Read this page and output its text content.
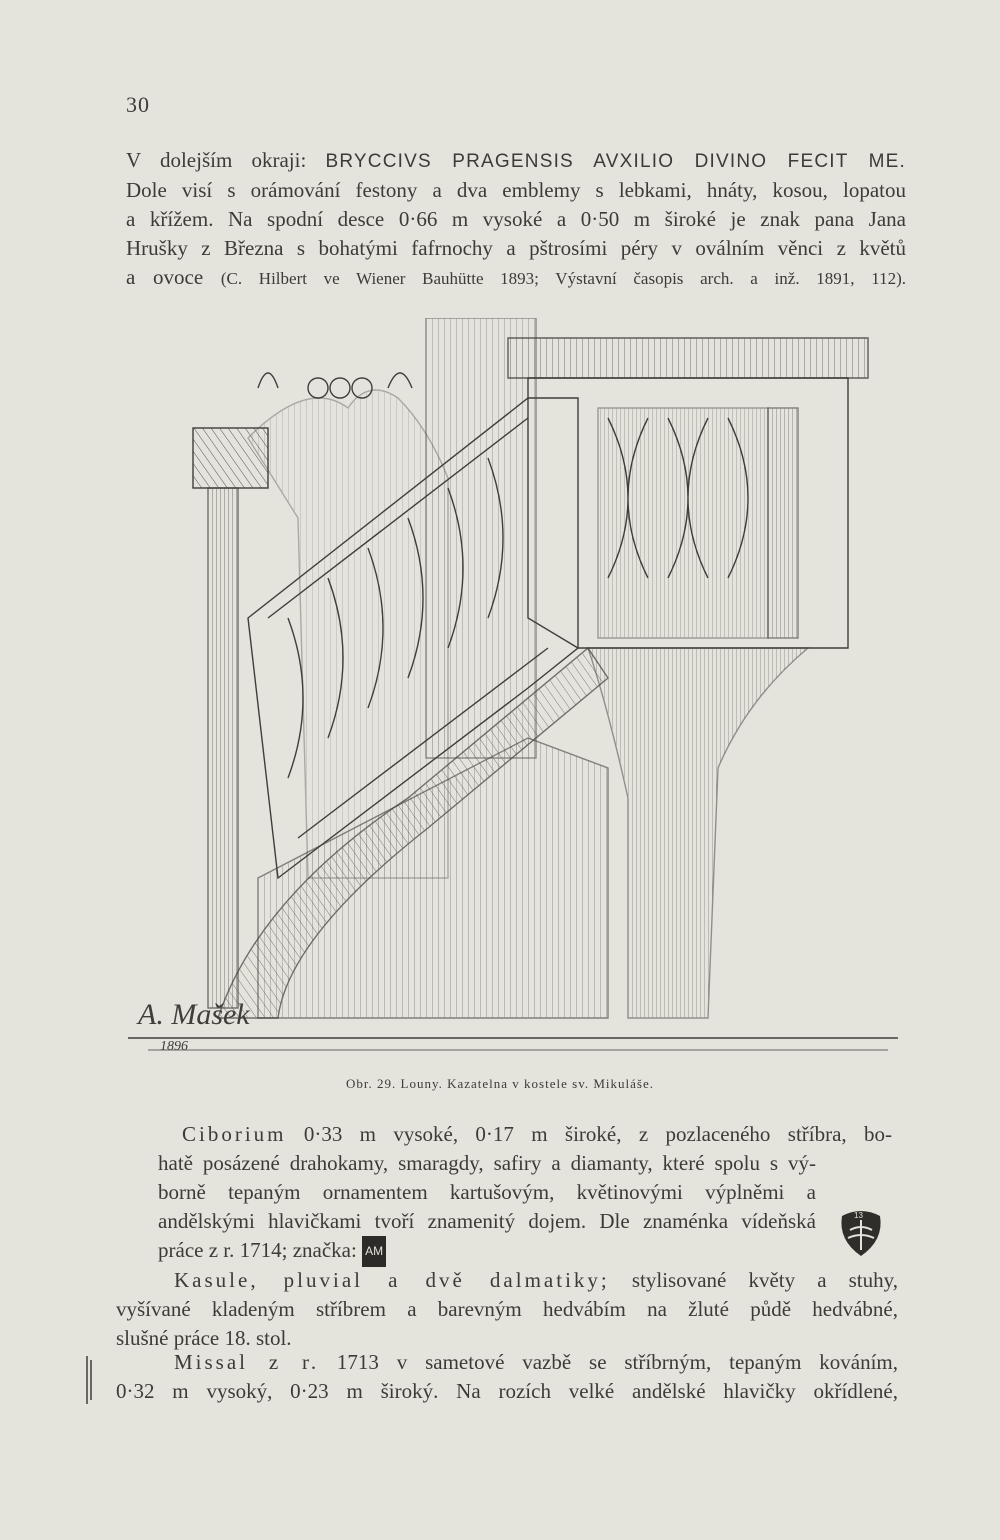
30
V dolejším okraji: BRYCCIVS PRAGENSIS AVXILIO DIVINO FECIT ME.
Dole visí s orámování festony a dva emblemy s lebkami, hnáty, kosou, lopatou
a křížem. Na spodní desce 0·66 m vysoké a 0·50 m široké je znak pana Jana
Hrušky z Března s bohatými fafrnochy a pštrosími péry v oválním věnci z květů
a ovoce (C. Hilbert ve Wiener Bauhütte 1893; Výstavní časopis arch. a inž. 1891, 112).
A. Mašek
1896
Obr. 29. Louny. Kazatelna v kostele sv. Mikuláše.
Ciborium 0·33 m vysoké, 0·17 m široké, z pozlaceného stříbra, bo-
hatě posázené drahokamy, smaragdy, safiry a diamanty, které spolu s vý-
borně tepaným ornamentem kartušovým, květinovými výplněmi a
andělskými hlavičkami tvoří znamenitý dojem. Dle znaménka vídeňská
práce z r. 1714; značka: AM
13
Kasule, pluvial a dvě dalmatiky; stylisované květy a stuhy,
vyšívané kladeným stříbrem a barevným hedvábím na žluté půdě hedvábné,
slušné práce 18. stol.
Missal z r. 1713 v sametové vazbě se stříbrným, tepaným kováním,
0·32 m vysoký, 0·23 m široký. Na rozích velké andělské hlavičky okřídlené,
